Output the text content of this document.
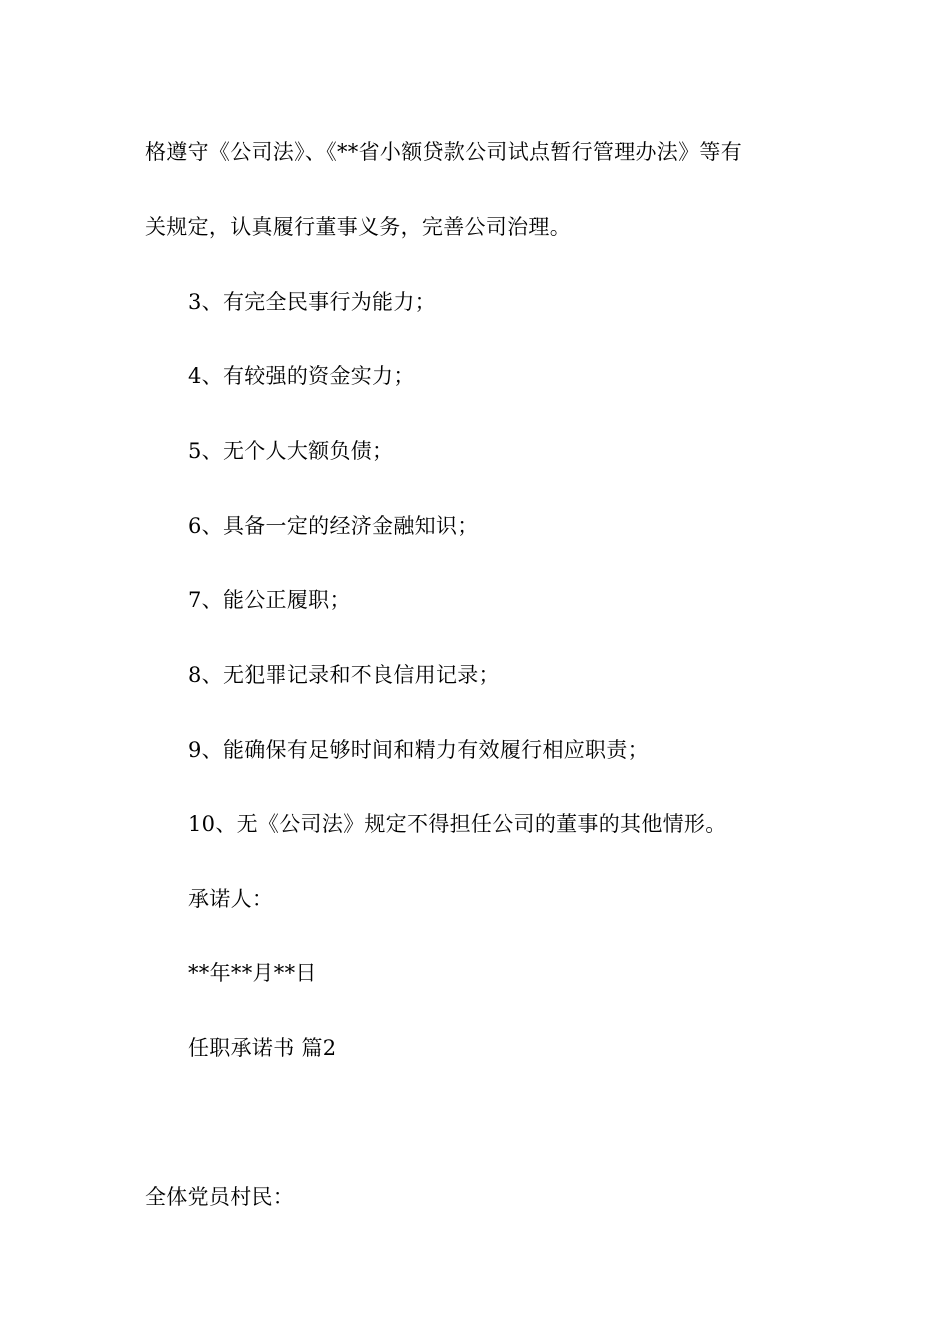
格遵守《公司法》、《**省小额贷款公司试点暂行管理办法》等有
关规定，认真履行董事义务，完善公司治理。
3、有完全民事行为能力；
4、有较强的资金实力；
5、无个人大额负债；
6、具备一定的经济金融知识；
7、能公正履职；
8、无犯罪记录和不良信用记录；
9、能确保有足够时间和精力有效履行相应职责；
10、无《公司法》规定不得担任公司的董事的其他情形。
承诺人：
**年**月**日
任职承诺书 篇2
全体党员村民：
